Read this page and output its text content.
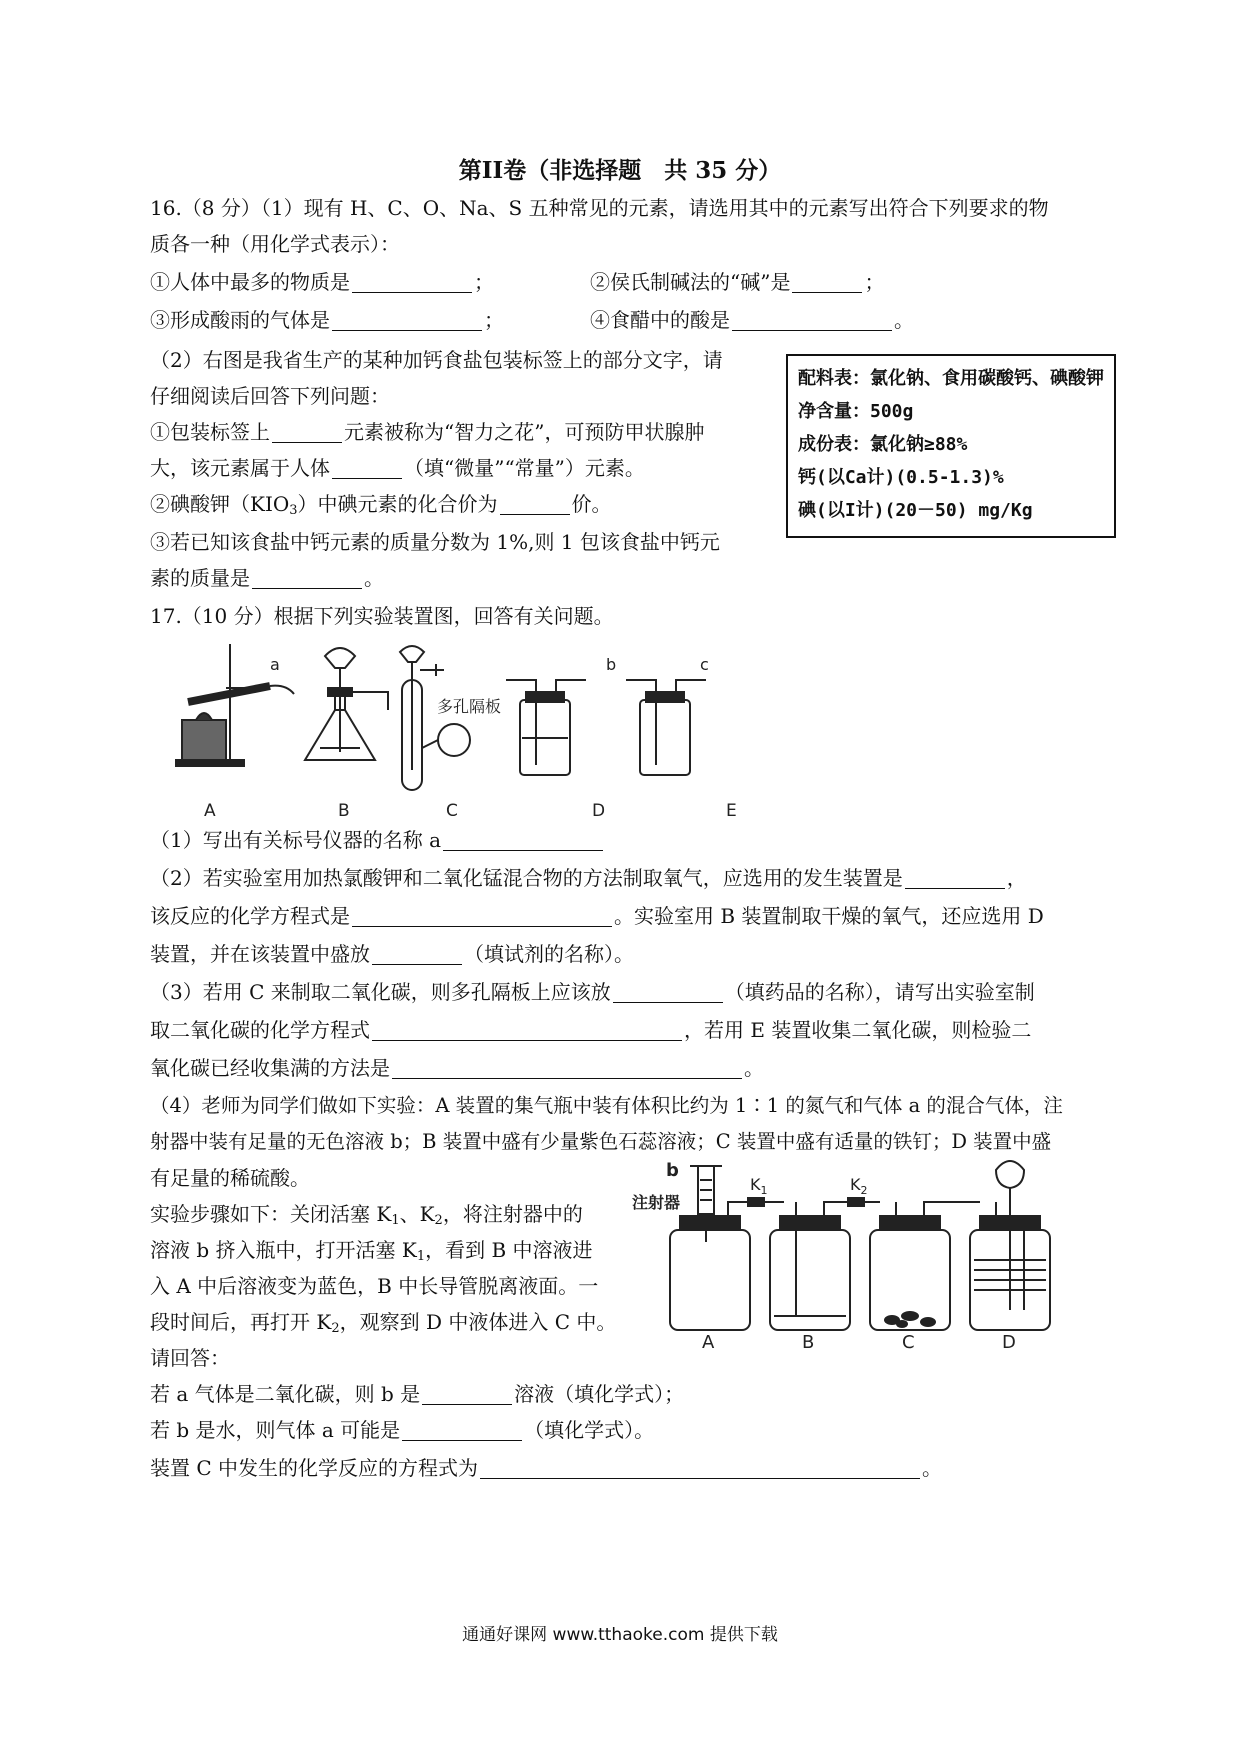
第II卷（非选择题　共 35 分）
16.（8 分）（1）现有 H、C、O、Na、S 五种常见的元素，请选用其中的元素写出符合下列要求的物
质各一种（用化学式表示）：
①人体中最多的物质是	；	②侯氏制碱法的“碱”是	；
③形成酸雨的气体是	；	④食醋中的酸是	。
（2）右图是我省生产的某种加钙食盐包装标签上的部分文字，请
仔细阅读后回答下列问题：
①包装标签上	元素被称为“智力之花”，可预防甲状腺肿
大，该元素属于人体	（填“微量”“常量”）元素。
②碘酸钾$(KIO_3)$中碘元素的化合价为	价。
③若已知该食盐中钙元素的质量分数为 1%,则 1 包该食盐中钙元
素的质量是	。
配料表：氯化钠、食用碳酸钙、碘酸钾
净含量：500g
成份表：氯化钠≥88%
钙(以Ca计)(0.5-1.3)%
碘(以I计)(20－50) mg/Kg
17.（10 分）根据下列实验装置图，回答有关问题。
a
多孔隔板
b	c
A	B	C	D	E
（1）写出有关标号仪器的名称 a
（2）若实验室用加热氯酸钾和二氧化锰混合物的方法制取氧气，应选用的发生装置是	，
该反应的化学方程式是	。实验室用 B 装置制取干燥的氧气，还应选用 D
装置，并在该装置中盛放	（填试剂的名称）。
（3）若用 C 来制取二氧化碳，则多孔隔板上应该放	（填药品的名称），请写出实验室制
取二氧化碳的化学方程式	，若用 E 装置收集二氧化碳，则检验二
氧化碳已经收集满的方法是	。
（4）老师为同学们做如下实验：A 装置的集气瓶中装有体积比约为 1∶1 的氮气和气体 a 的混合气体，注
射器中装有足量的无色溶液 b；B 装置中盛有少量紫色石蕊溶液；C 装置中盛有适量的铁钉；D 装置中盛
有足量的稀硫酸。
实验步骤如下：关闭活塞 $K_1$、$K_2$，将注射器中的
溶液 b 挤入瓶中，打开活塞 $K_1$，看到 B 中溶液进
入 A 中后溶液变为蓝色，B 中长导管脱离液面。一
段时间后，再打开 $K_2$，观察到 D 中液体进入 C 中。
请回答：
b
注射器
$K_1$	$K_2$
A	B	C	D
若 a 气体是二氧化碳，则 b 是	溶液（填化学式）；
若 b 是水，则气体 a 可能是	（填化学式）。
装置 C 中发生的化学反应的方程式为	。
通通好课网 www.tthaoke.com 提供下载
